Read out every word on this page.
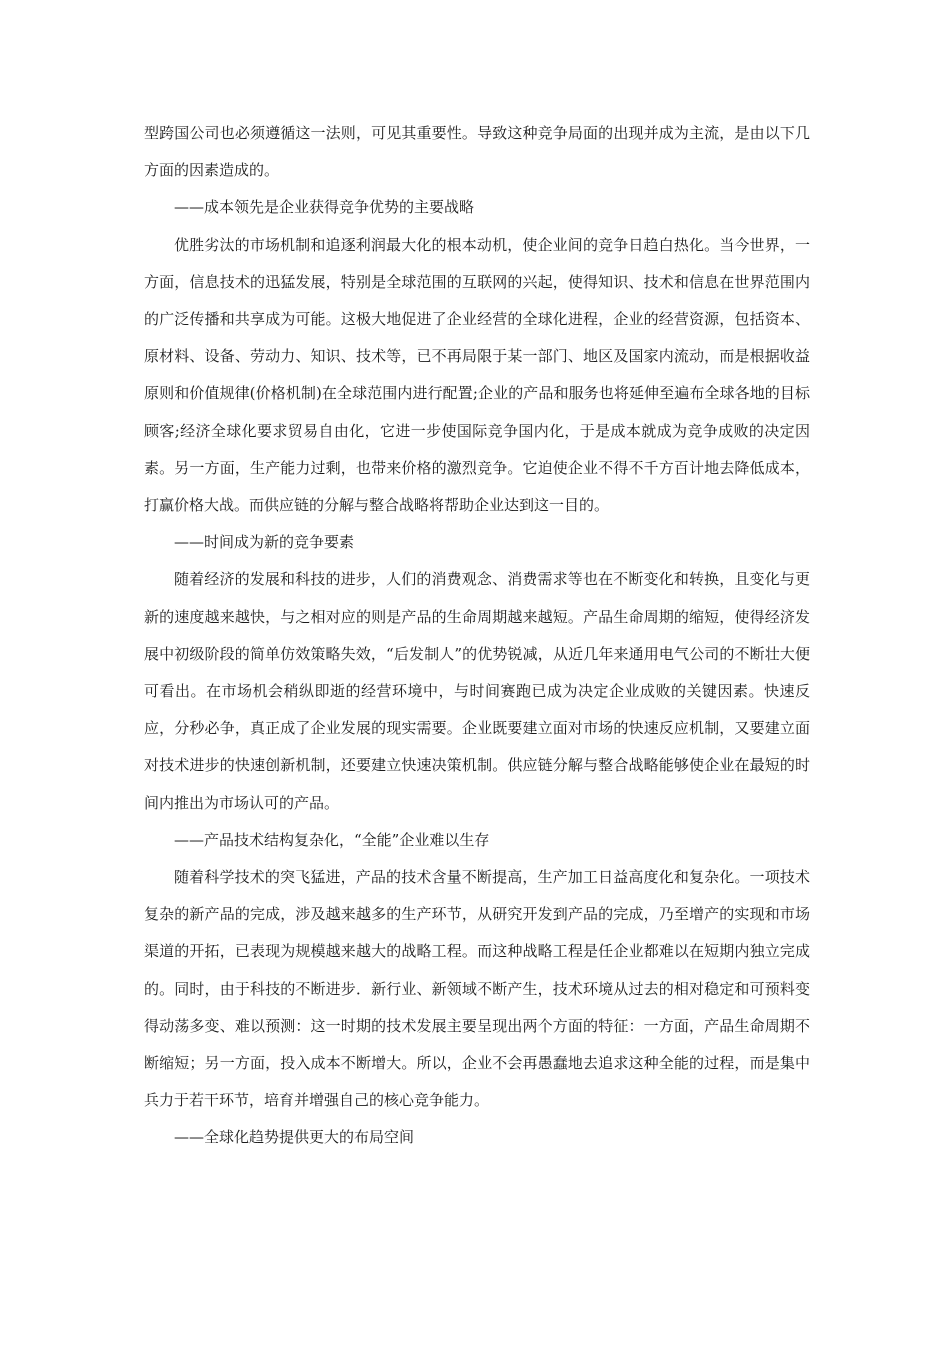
型跨国公司也必须遵循这一法则，可见其重要性。导致这种竞争局面的出现并成为主流，是由以下几方面的因素造成的。

——成本领先是企业获得竞争优势的主要战略

优胜劣汰的市场机制和追逐利润最大化的根本动机，使企业间的竞争日趋白热化。当今世界，一方面，信息技术的迅猛发展，特别是全球范围的互联网的兴起，使得知识、技术和信息在世界范围内的广泛传播和共享成为可能。这极大地促进了企业经营的全球化进程，企业的经营资源，包括资本、原材料、设备、劳动力、知识、技术等，已不再局限于某一部门、地区及国家内流动，而是根据收益原则和价值规律(价格机制)在全球范围内进行配置;企业的产品和服务也将延伸至遍布全球各地的目标顾客;经济全球化要求贸易自由化，它进一步使国际竞争国内化，于是成本就成为竞争成败的决定因素。另一方面，生产能力过剩，也带来价格的激烈竞争。它迫使企业不得不千方百计地去降低成本，打赢价格大战。而供应链的分解与整合战略将帮助企业达到这一目的。

——时间成为新的竞争要素

随着经济的发展和科技的进步，人们的消费观念、消费需求等也在不断变化和转换，且变化与更新的速度越来越快，与之相对应的则是产品的生命周期越来越短。产品生命周期的缩短，使得经济发展中初级阶段的简单仿效策略失效，“后发制人”的优势锐减，从近几年来通用电气公司的不断壮大便可看出。在市场机会稍纵即逝的经营环境中，与时间赛跑已成为决定企业成败的关键因素。快速反应，分秒必争，真正成了企业发展的现实需要。企业既要建立面对市场的快速反应机制，又要建立面对技术进步的快速创新机制，还要建立快速决策机制。供应链分解与整合战略能够使企业在最短的时间内推出为市场认可的产品。

——产品技术结构复杂化，“全能”企业难以生存

随着科学技术的突飞猛进，产品的技术含量不断提高，生产加工日益高度化和复杂化。一项技术复杂的新产品的完成，涉及越来越多的生产环节，从研究开发到产品的完成，乃至增产的实现和市场渠道的开拓，已表现为规模越来越大的战略工程。而这种战略工程是任企业都难以在短期内独立完成的。同时，由于科技的不断进步．新行业、新领域不断产生，技术环境从过去的相对稳定和可预料变得动荡多变、难以预测：这一时期的技术发展主要呈现出两个方面的特征：一方面，产品生命周期不断缩短；另一方面，投入成本不断增大。所以，企业不会再愚蠢地去追求这种全能的过程，而是集中兵力于若干环节，培育并增强自己的核心竞争能力。

——全球化趋势提供更大的布局空间
